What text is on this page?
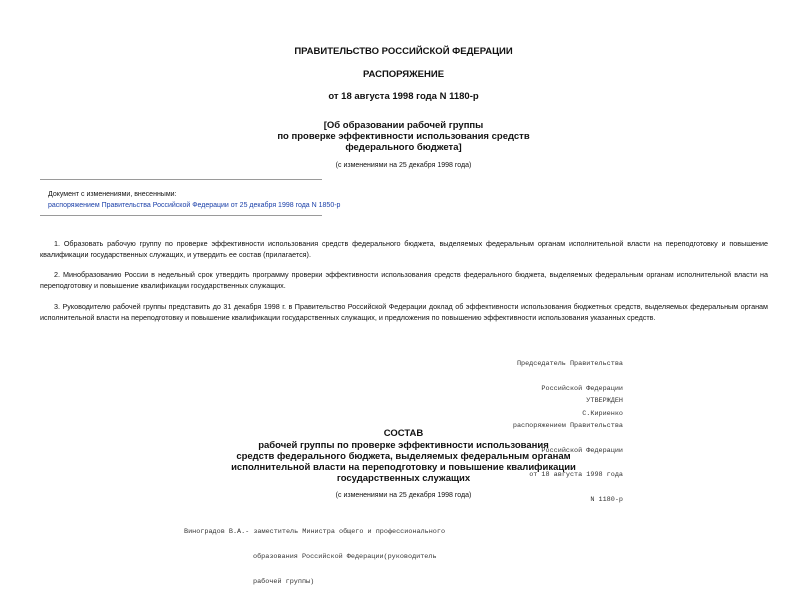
ПРАВИТЕЛЬСТВО РОССИЙСКОЙ ФЕДЕРАЦИИ
РАСПОРЯЖЕНИЕ
от 18 августа 1998 года N 1180-р
[Об образовании рабочей группы
по проверке эффективности использования средств
федерального бюджета]
(с изменениями на 25 декабря 1998 года)
Документ с изменениями, внесенными:
распоряжением Правительства Российской Федерации от 25 декабря 1998 года N 1850-р
1. Образовать рабочую группу по проверке эффективности использования средств федерального бюджета, выделяемых федеральным органам исполнительной власти на переподготовку и повышение квалификации государственных служащих, и утвердить ее состав (прилагается).
2. Минобразованию России в недельный срок утвердить программу проверки эффективности использования средств федерального бюджета, выделяемых федеральным органам исполнительной власти на переподготовку и повышение квалификации государственных служащих.
3. Руководителю рабочей группы представить до 31 декабря 1998 г. в Правительство Российской Федерации доклад об эффективности использования бюджетных средств, выделяемых федеральным органам исполнительной власти на переподготовку и повышение квалификации государственных служащих, и предложения по повышению эффективности использования указанных средств.

Председатель Правительства

Российской Федерации

С.Кириенко

УТВЕРЖДЕН

распоряжением Правительства

Российской Федерации

от 18 августа 1998 года

N 1180-р

СОСТАВ
рабочей группы по проверке эффективности использования
средств федерального бюджета, выделяемых федеральным органам
исполнительной власти на переподготовку и повышение квалификации
государственных служащих
(с изменениями на 25 декабря 1998 года)

Виноградов В.А.- заместитель Министра общего и профессионального

образования Российской Федерации(руководитель

рабочей группы)
